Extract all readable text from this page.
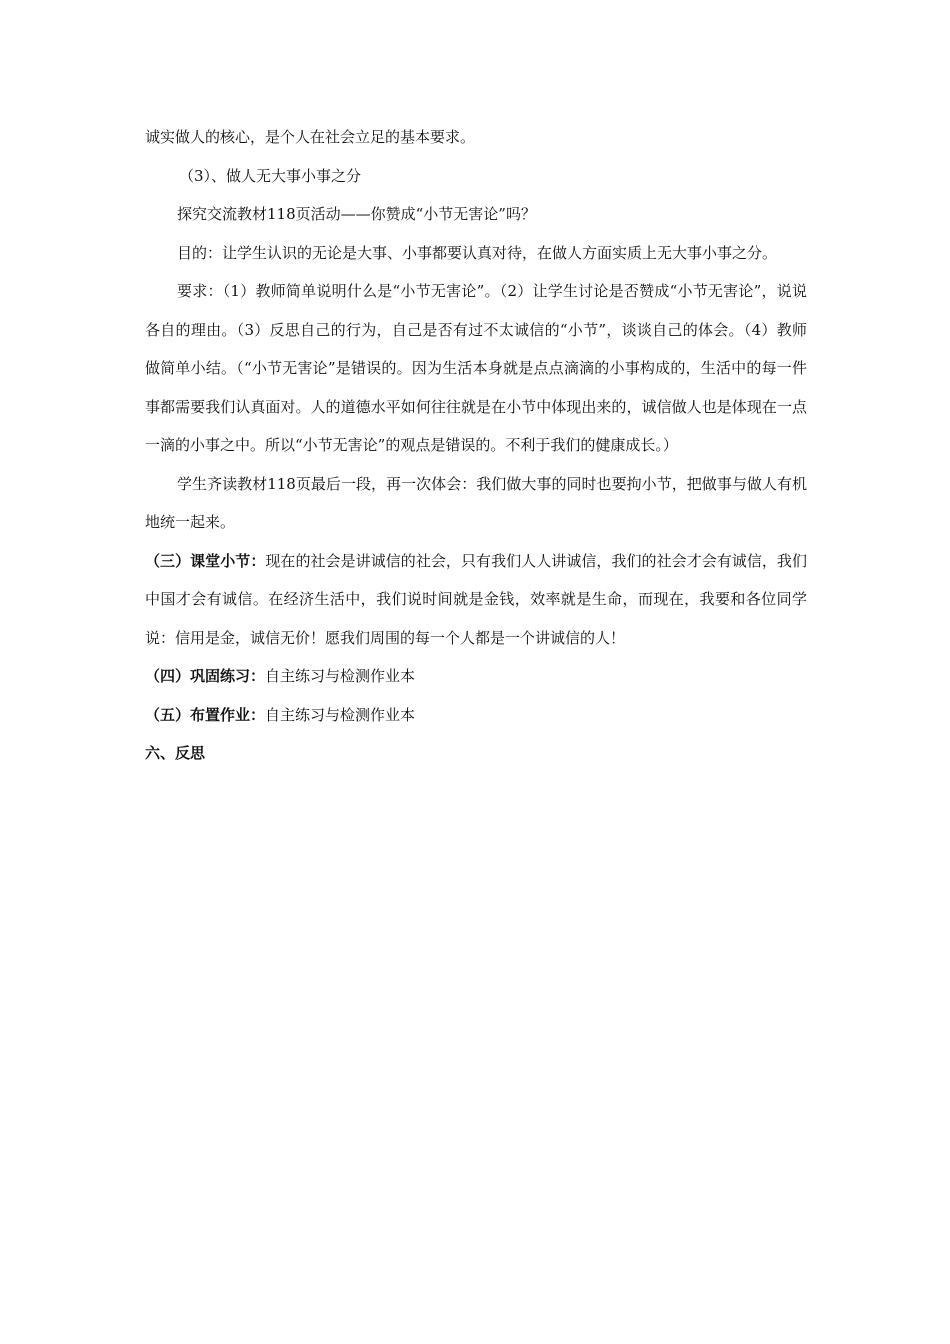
诚实做人的核心，是个人在社会立足的基本要求。

（3）、做人无大事小事之分

探究交流教材118页活动——你赞成“小节无害论”吗？

目的：让学生认识的无论是大事、小事都要认真对待，在做人方面实质上无大事小事之分。

要求：（1）教师简单说明什么是“小节无害论”。（2）让学生讨论是否赞成“小节无害论”，说说各自的理由。（3）反思自己的行为，自己是否有过不太诚信的“小节”，谈谈自己的体会。（4）教师做简单小结。（“小节无害论”是错误的。因为生活本身就是点点滴滴的小事构成的，生活中的每一件事都需要我们认真面对。人的道德水平如何往往就是在小节中体现出来的，诚信做人也是体现在一点一滴的小事之中。所以“小节无害论”的观点是错误的。不利于我们的健康成长。）

学生齐读教材118页最后一段，再一次体会：我们做大事的同时也要拘小节，把做事与做人有机地统一起来。

（三）课堂小节：现在的社会是讲诚信的社会，只有我们人人讲诚信，我们的社会才会有诚信，我们中国才会有诚信。在经济生活中，我们说时间就是金钱，效率就是生命，而现在，我要和各位同学说：信用是金，诚信无价！愿我们周围的每一个人都是一个讲诚信的人！

（四）巩固练习：自主练习与检测作业本

（五）布置作业：自主练习与检测作业本

六、反思
